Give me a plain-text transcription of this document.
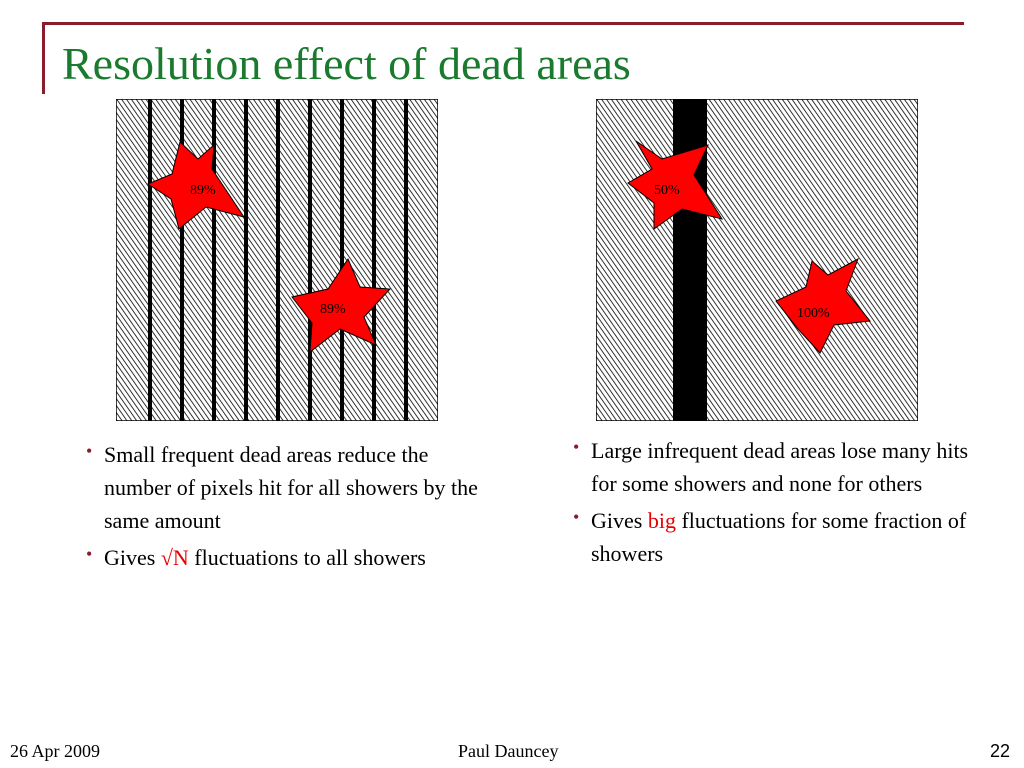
Resolution effect of dead areas
89%
89%
50%
100%
• Small frequent dead areas reduce the number of pixels hit for all showers by the same amount
• Gives √N fluctuations to all showers
• Large infrequent dead areas lose many hits for some showers and none for others
• Gives big fluctuations for some fraction of showers
26 Apr 2009	Paul Dauncey	22
